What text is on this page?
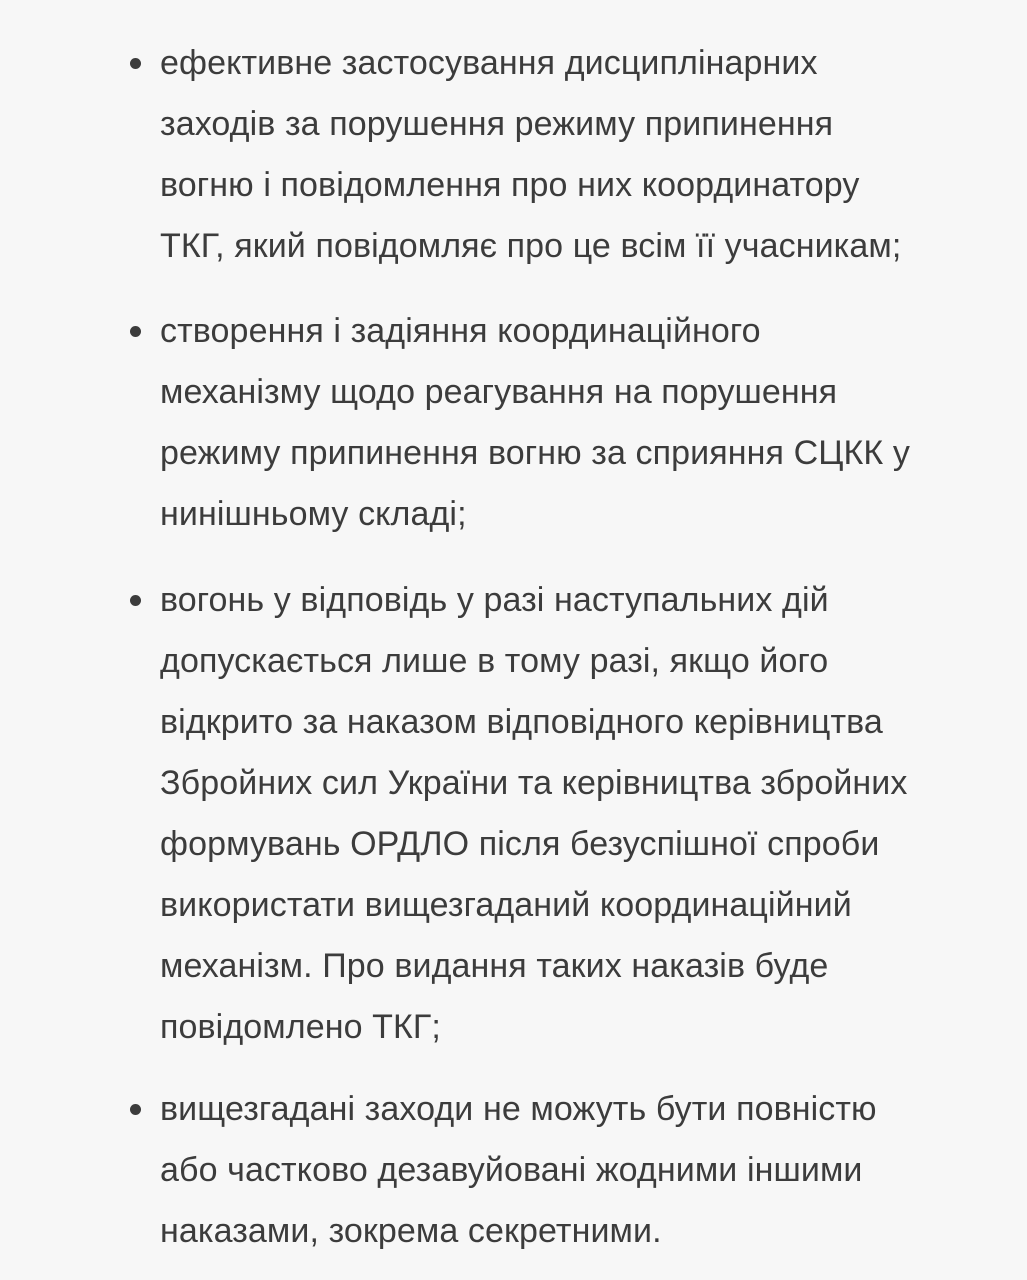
ефективне застосування дисциплінарних
заходів за порушення режиму припинення
вогню і повідомлення про них координатору
ТКГ, який повідомляє про це всім її учасникам;
створення і задіяння координаційного
механізму щодо реагування на порушення
режиму припинення вогню за сприяння СЦКК у
нинішньому складі;
вогонь у відповідь у разі наступальних дій
допускається лише в тому разі, якщо його
відкрито за наказом відповідного керівництва
Збройних сил України та керівництва збройних
формувань ОРДЛО після безуспішної спроби
використати вищезгаданий координаційний
механізм. Про видання таких наказів буде
повідомлено ТКГ;
вищезгадані заходи не можуть бути повністю
або частково дезавуйовані жодними іншими
наказами, зокрема секретними.
